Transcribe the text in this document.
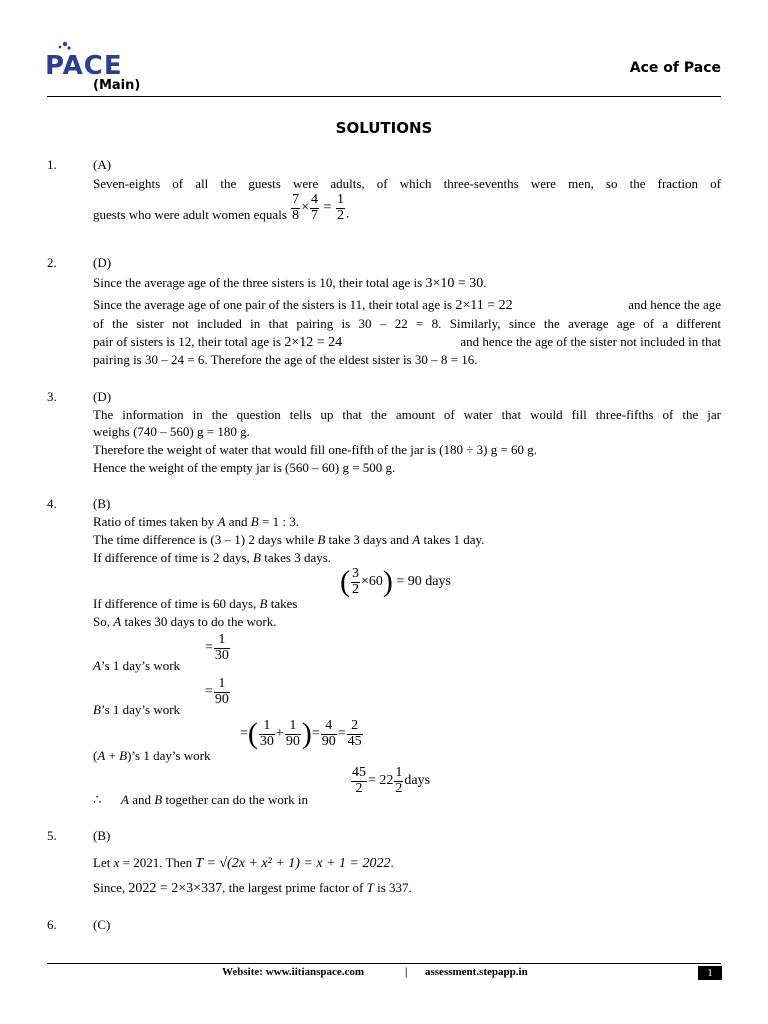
PACE
(Main)
Ace of Pace
SOLUTIONS
1.	(A)
Seven-eights of all the guests were adults, of which three-sevenths were men, so the fraction of
guests who were adult women equals $\frac{7}{8} \times \frac{4}{7} = \frac{1}{2}$ .
2.	(D)
Since the average age of the three sisters is 10, their total age is 3×10 = 30.
Since the average age of one pair of the sisters is 11, their total age is 2×11 = 22	and hence the age
of the sister not included in that pairing is 30 – 22 = 8. Similarly, since the average age of a different
pair of sisters is 12, their total age is 2×12 = 24	and hence the age of the sister not included in that
pairing is 30 – 24 = 6. Therefore the age of the eldest sister is 30 – 8 = 16.
3.	(D)
The information in the question tells up that the amount of water that would fill three-fifths of the jar
weighs (740 – 560) g = 180 g.
Therefore the weight of water that would fill one-fifth of the jar is (180 ÷ 3) g = 60 g.
Hence the weight of the empty jar is (560 – 60) g = 500 g.
4.	(B)
Ratio of times taken by A and B = 1 : 3.
The time difference is (3 – 1) 2 days while B take 3 days and A takes 1 day.
If difference of time is 2 days, B takes 3 days.
( $\frac{3}{2} \times 60) = 90$ days
If difference of time is 60 days, B takes
So, A takes 30 days to do the work.
= $\frac{1}{30}$
A’s 1 day’s work
= $\frac{1}{90}$
B’s 1 day’s work
=( $\frac{1}{30} + \frac{1}{90}$ )= $\frac{4}{90} = \frac{2}{45}$
(A + B)’s 1 day’s work
$\frac{45}{2} = 22 \frac{1}{2}$ days
∴ A and B together can do the work in
5.	(B)
Let x = 2021. Then T = √(2x + x² + 1) = x + 1 = 2022.
Since, 2022 = 2×3×337, the largest prime factor of T is 337.
6.	(C)
Website: www.iitianspace.com	| assessment.stepapp.in	1
